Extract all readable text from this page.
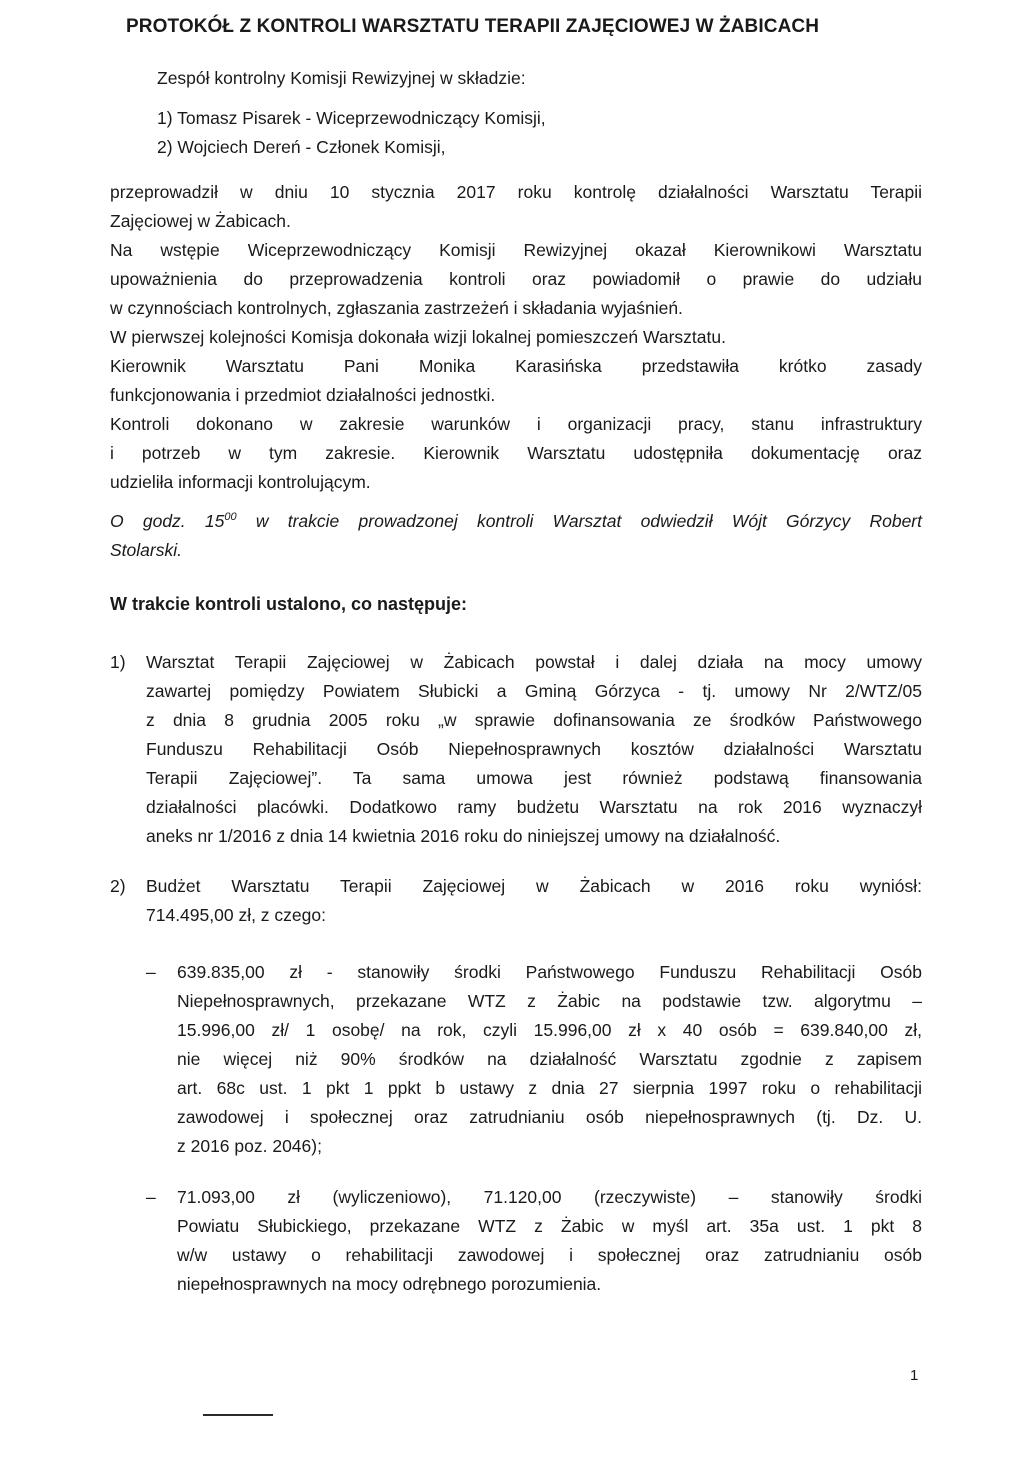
PROTOKÓŁ Z KONTROLI WARSZTATU TERAPII ZAJĘCIOWEJ W ŻABICACH
Zespół kontrolny Komisji Rewizyjnej w składzie:
1) Tomasz Pisarek - Wiceprzewodniczący Komisji,
2) Wojciech Dereń - Członek Komisji,
przeprowadził w dniu 10 stycznia 2017 roku kontrolę działalności Warsztatu Terapii
Zajęciowej w Żabicach.
Na wstępie Wiceprzewodniczący Komisji Rewizyjnej okazał Kierownikowi Warsztatu
upoważnienia do przeprowadzenia kontroli oraz powiadomił o prawie do udziału
w czynnościach kontrolnych, zgłaszania zastrzeżeń i składania wyjaśnień.
W pierwszej kolejności Komisja dokonała wizji lokalnej pomieszczeń Warsztatu.
Kierownik Warsztatu Pani Monika Karasińska przedstawiła krótko zasady
funkcjonowania i przedmiot działalności jednostki.
Kontroli dokonano w zakresie warunków i organizacji pracy, stanu infrastruktury
i potrzeb w tym zakresie. Kierownik Warsztatu udostępniła dokumentację oraz
udzieliła informacji kontrolującym.
O godz. $15^{00}$ w trakcie prowadzonej kontroli Warsztat odwiedził Wójt Górzycy Robert
Stolarski.
W trakcie kontroli ustalono, co następuje:
1) Warsztat Terapii Zajęciowej w Żabicach powstał i dalej działa na mocy umowy
zawartej pomiędzy Powiatem Słubicki a Gminą Górzyca - tj. umowy Nr 2/WTZ/05
z dnia 8 grudnia 2005 roku „w sprawie dofinansowania ze środków Państwowego
Funduszu Rehabilitacji Osób Niepełnosprawnych kosztów działalności Warsztatu
Terapii Zajęciowej”. Ta sama umowa jest również podstawą finansowania
działalności placówki. Dodatkowo ramy budżetu Warsztatu na rok 2016 wyznaczył
aneks nr 1/2016 z dnia 14 kwietnia 2016 roku do niniejszej umowy na działalność.
2) Budżet Warsztatu Terapii Zajęciowej w Żabicach w 2016 roku wyniósł:
714.495,00 zł, z czego:
– 639.835,00 zł - stanowiły środki Państwowego Funduszu Rehabilitacji Osób
Niepełnosprawnych, przekazane WTZ z Żabic na podstawie tzw. algorytmu –
15.996,00 zł/ 1 osobę/ na rok, czyli 15.996,00 zł x 40 osób = 639.840,00 zł,
nie więcej niż 90% środków na działalność Warsztatu zgodnie z zapisem
art. 68c ust. 1 pkt 1 ppkt b ustawy z dnia 27 sierpnia 1997 roku o rehabilitacji
zawodowej i społecznej oraz zatrudnianiu osób niepełnosprawnych (tj. Dz. U.
z 2016 poz. 2046);
– 71.093,00 zł (wyliczeniowo), 71.120,00 (rzeczywiste) – stanowiły środki
Powiatu Słubickiego, przekazane WTZ z Żabic w myśl art. 35a ust. 1 pkt 8
w/w ustawy o rehabilitacji zawodowej i społecznej oraz zatrudnianiu osób
niepełnosprawnych na mocy odrębnego porozumienia.
1
